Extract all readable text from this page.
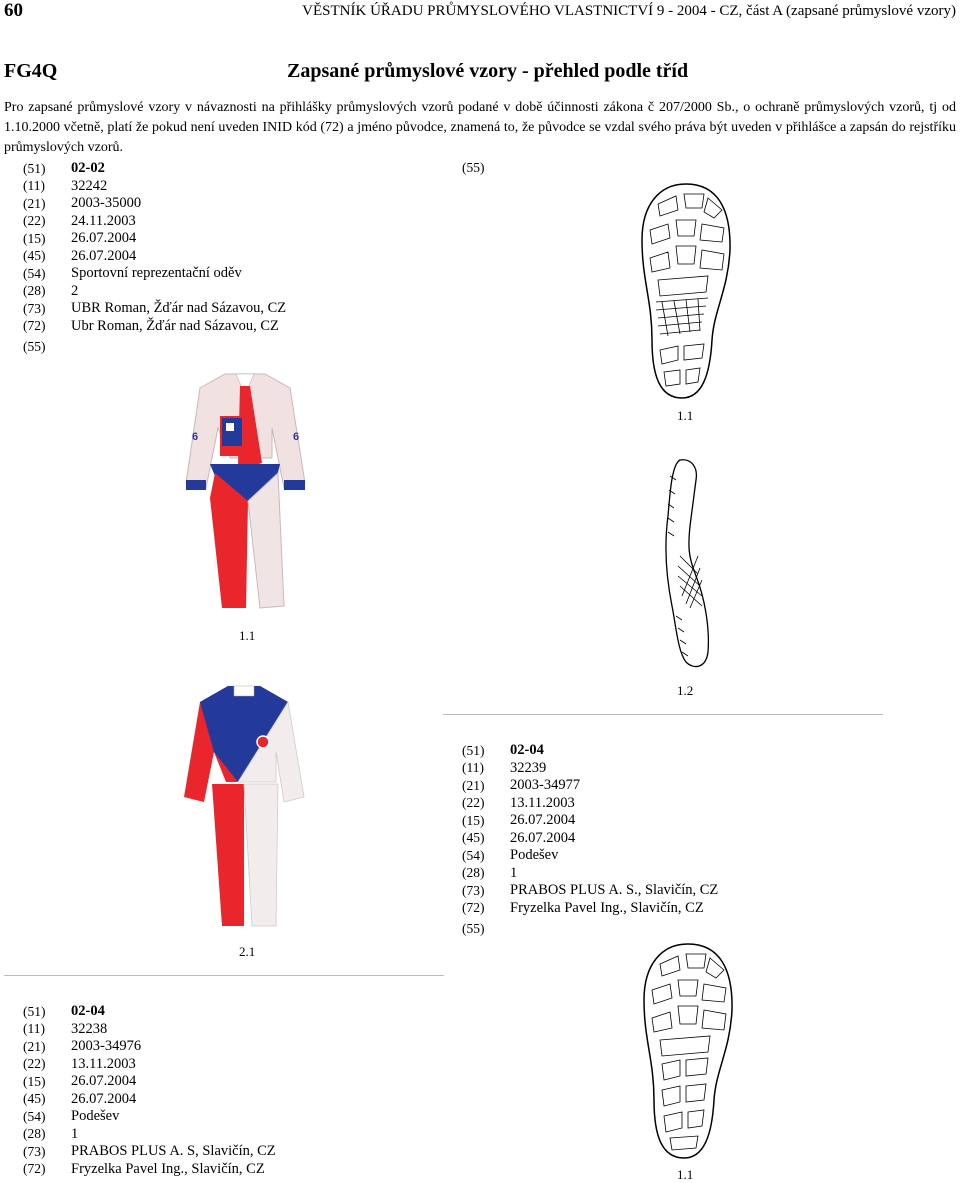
60	VĚSTNÍK ÚŘADU PRŮMYSLOVÉHO VLASTNICTVÍ 9 - 2004 - CZ, část A (zapsané průmyslové vzory)
FG4Q	Zapsané průmyslové vzory - přehled podle tříd
Pro zapsané průmyslové vzory v návaznosti na přihlášky průmyslových vzorů podané v době účinnosti zákona č 207/2000 Sb., o ochraně průmyslových vzorů, tj od 1.10.2000 včetně, platí že pokud není uveden INID kód (72) a jméno původce, znamená to, že původce se vzdal svého práva být uveden v přihlášce a zapsán do rejstříku průmyslových vzorů.
(51)	02-02
(11)	32242
(21)	2003-35000
(22)	24.11.2003
(15)	26.07.2004
(45)	26.07.2004
(54)	Sportovní reprezentační oděv
(28)	2
(73)	UBR Roman, Žďár nad Sázavou, CZ
(72)	Ubr Roman, Žďár nad Sázavou, CZ
(55)
6	6
1.1
2.1
(55)
1.1
1.2
(51)	02-04
(11)	32239
(21)	2003-34977
(22)	13.11.2003
(15)	26.07.2004
(45)	26.07.2004
(54)	Podešev
(28)	1
(73)	PRABOS PLUS A. S., Slavičín, CZ
(72)	Fryzelka Pavel Ing., Slavičín, CZ
(55)
(51)	02-04
(11)	32238
(21)	2003-34976
(22)	13.11.2003
(15)	26.07.2004
(45)	26.07.2004
(54)	Podešev
(28)	1
(73)	PRABOS PLUS A. S, Slavičín, CZ
(72)	Fryzelka Pavel Ing., Slavičín, CZ	1.1
